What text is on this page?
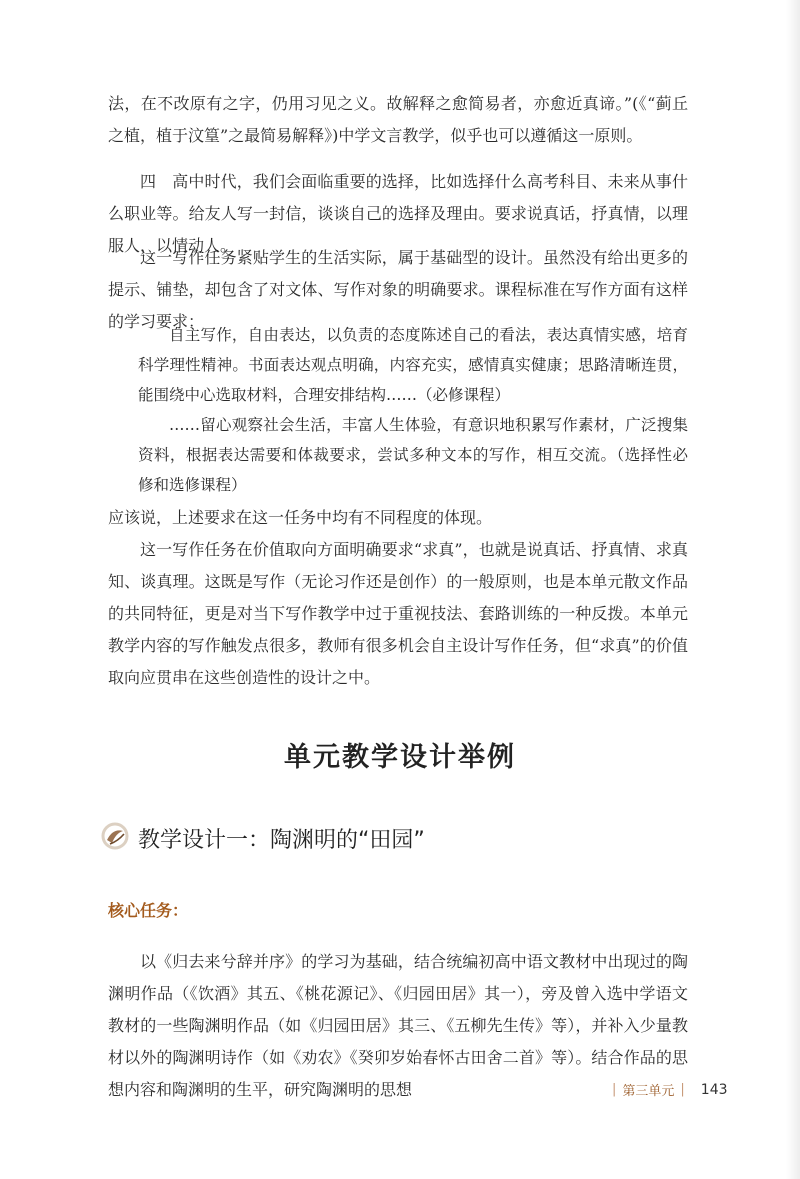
法，在不改原有之字，仍用习见之义。故解释之愈简易者，亦愈近真谛。”(《“蓟丘之植，植于汶篁”之最简易解释》)中学文言教学，似乎也可以遵循这一原则。

四　高中时代，我们会面临重要的选择，比如选择什么高考科目、未来从事什么职业等。给友人写一封信，谈谈自己的选择及理由。要求说真话，抒真情，以理服人，以情动人。

这一写作任务紧贴学生的生活实际，属于基础型的设计。虽然没有给出更多的提示、铺垫，却包含了对文体、写作对象的明确要求。课程标准在写作方面有这样的学习要求：

自主写作，自由表达，以负责的态度陈述自己的看法，表达真情实感，培育科学理性精神。书面表达观点明确，内容充实，感情真实健康；思路清晰连贯，能围绕中心选取材料，合理安排结构……（必修课程）

……留心观察社会生活，丰富人生体验，有意识地积累写作素材，广泛搜集资料，根据表达需要和体裁要求，尝试多种文本的写作，相互交流。（选择性必修和选修课程）

应该说，上述要求在这一任务中均有不同程度的体现。

这一写作任务在价值取向方面明确要求“求真”，也就是说真话、抒真情、求真知、谈真理。这既是写作（无论习作还是创作）的一般原则，也是本单元散文作品的共同特征，更是对当下写作教学中过于重视技法、套路训练的一种反拨。本单元教学内容的写作触发点很多，教师有很多机会自主设计写作任务，但“求真”的价值取向应贯串在这些创造性的设计之中。

单元教学设计举例
教学设计一：陶渊明的“田园”

核心任务：

以《归去来兮辞并序》的学习为基础，结合统编初高中语文教材中出现过的陶渊明作品（《饮酒》其五、《桃花源记》、《归园田居》其一），旁及曾入选中学语文教材的一些陶渊明作品（如《归园田居》其三、《五柳先生传》等），并补入少量教材以外的陶渊明诗作（如《劝农》《癸卯岁始春怀古田舍二首》等）。结合作品的思想内容和陶渊明的生平，研究陶渊明的思想	| 第三单元 | 143
